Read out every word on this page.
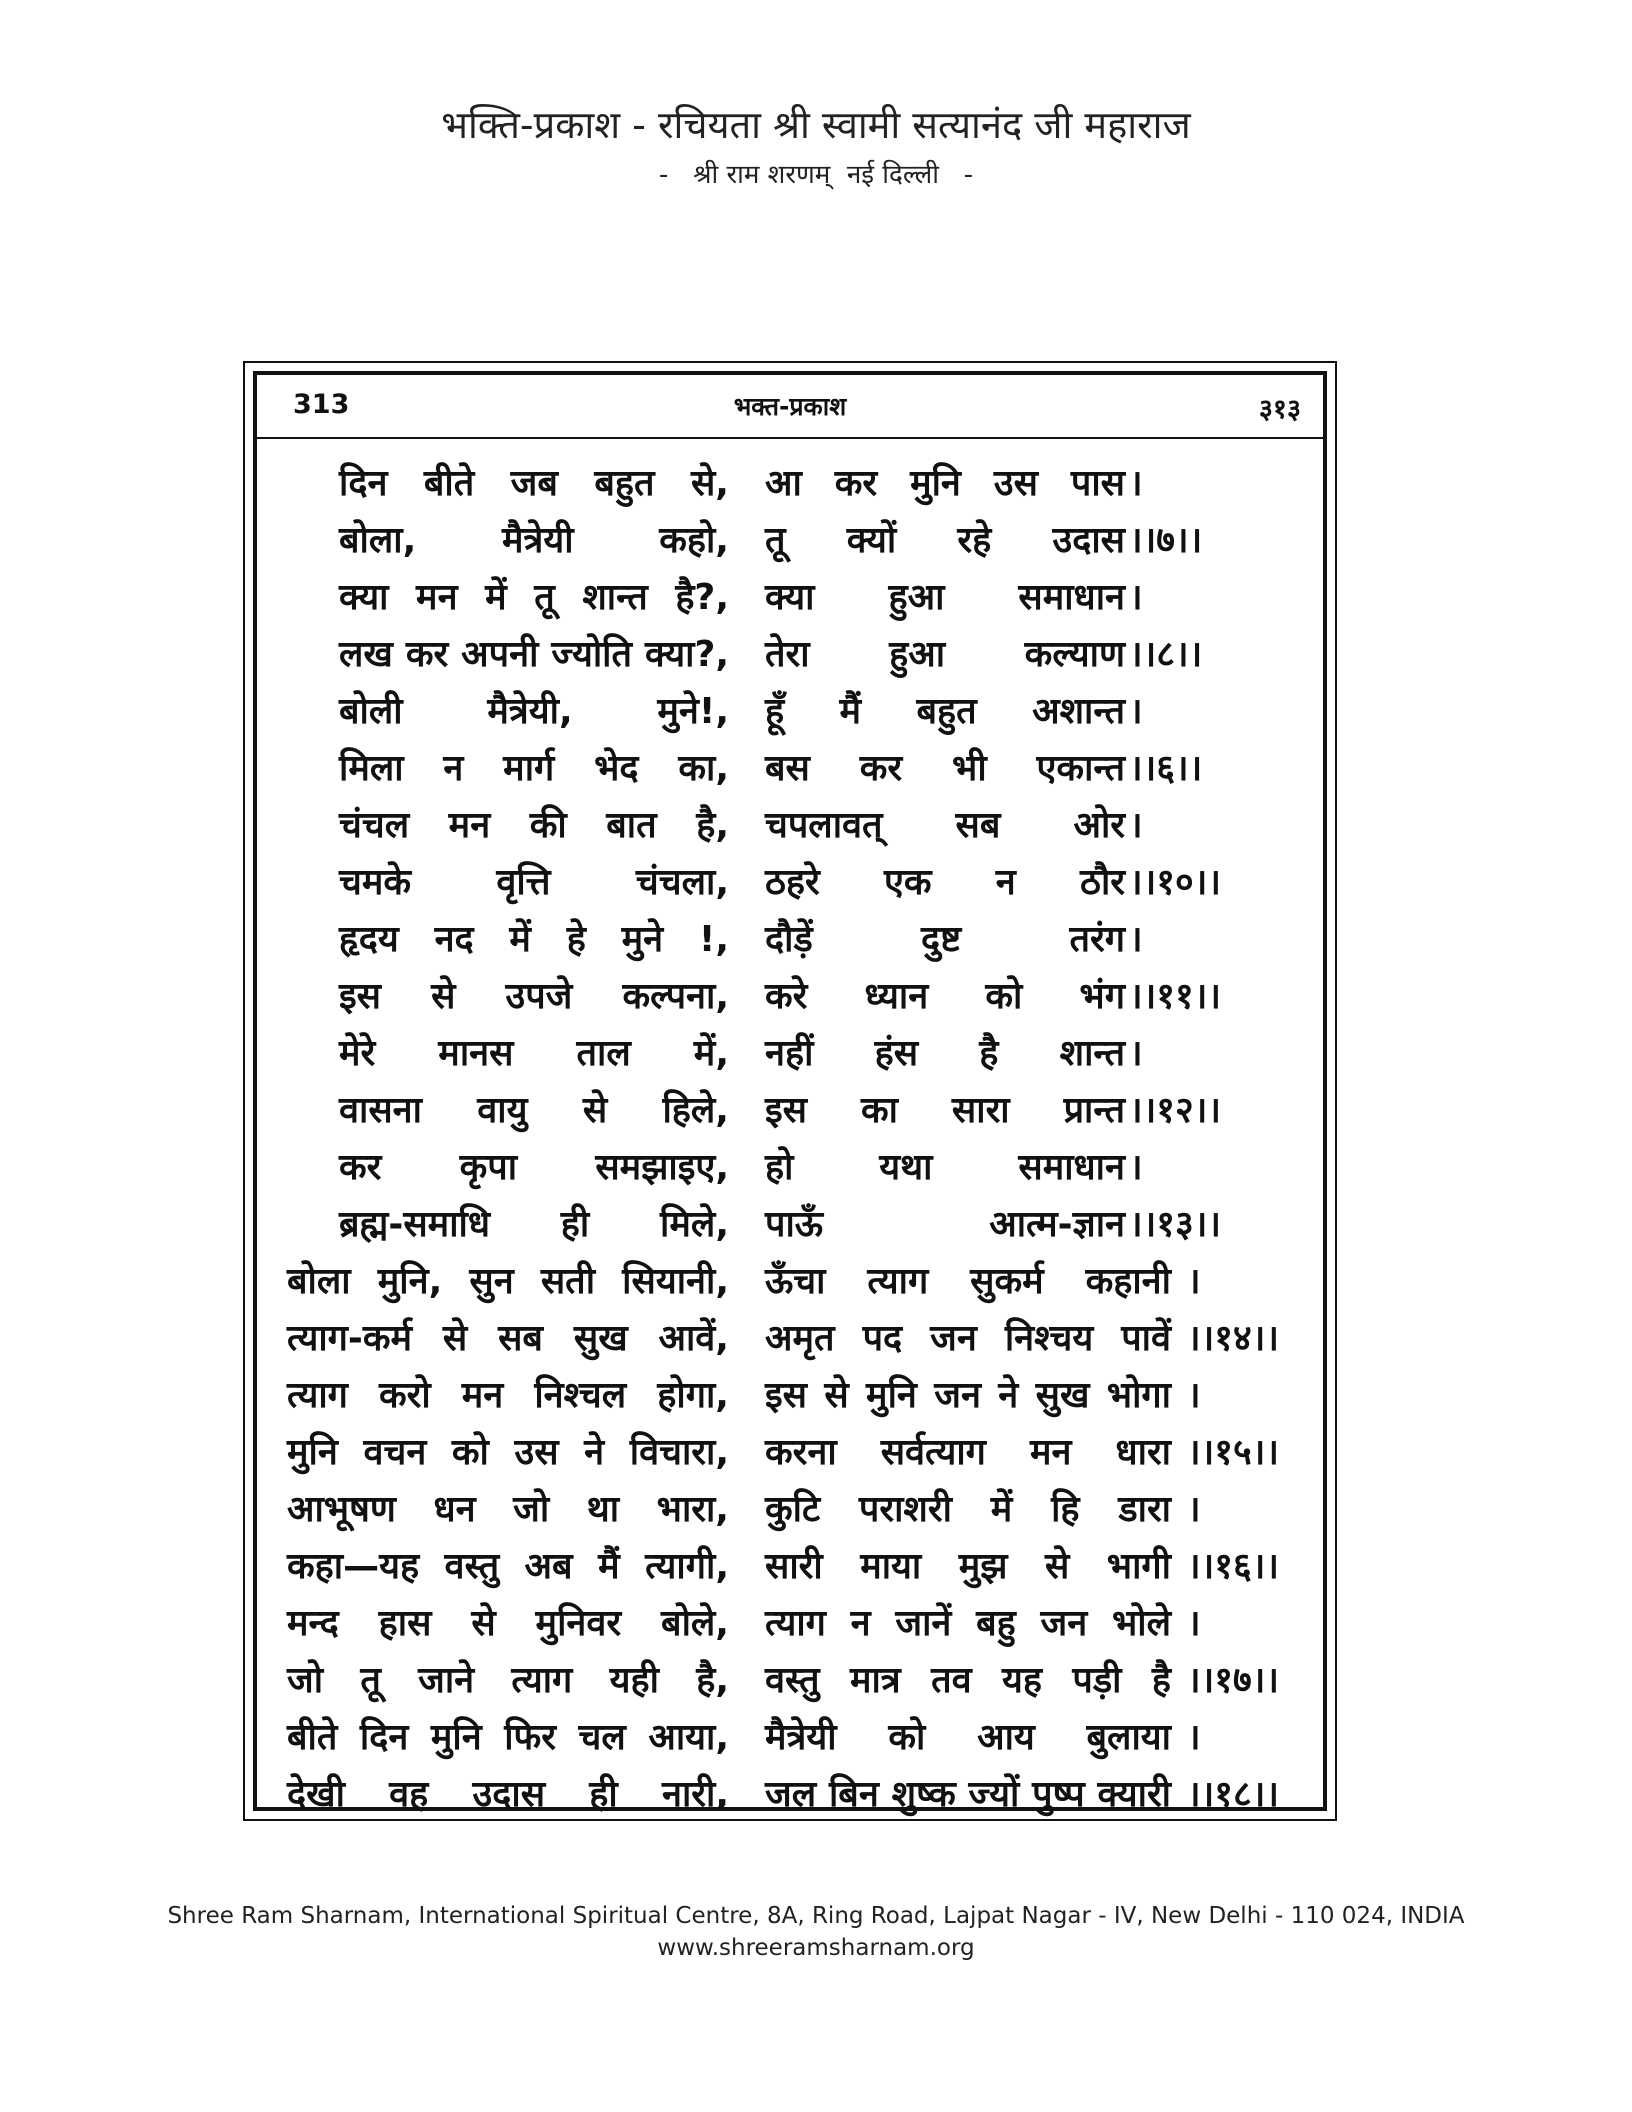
भक्ति-प्रकाश - रचियता श्री स्वामी सत्यानंद जी महाराज
-   श्री राम शरणम्  नई दिल्ली   -
313	भक्त-प्रकाश	३१३
दिन बीते जब बहुत से, आ कर मुनि उस पास ।
बोला, मैत्रेयी कहो, तू क्यों रहे उदास ।।७।।
क्या मन में तू शान्त है?, क्या हुआ समाधान ।
लख कर अपनी ज्योति क्या?, तेरा हुआ कल्याण ।।८।।
बोली मैत्रेयी, मुने!, हूँ मैं बहुत अशान्त ।
मिला न मार्ग भेद का, बस कर भी एकान्त ।।६।।
चंचल मन की बात है, चपलावत् सब ओर ।
चमके वृत्ति चंचला, ठहरे एक न ठौर ।।१०।।
हृदय नद में हे मुने !, दौड़ें दुष्ट तरंग ।
इस से उपजे कल्पना, करे ध्यान को भंग ।।११।।
मेरे मानस ताल में, नहीं हंस है शान्त ।
वासना वायु से हिले, इस का सारा प्रान्त ।।१२।।
कर कृपा समझाइए, हो यथा समाधान ।
ब्रह्म-समाधि ही मिले, पाऊँ आत्म-ज्ञान ।।१३।।
बोला मुनि, सुन सती सियानी, ऊँचा त्याग सुकर्म कहानी ।
त्याग-कर्म से सब सुख आवें, अमृत पद जन निश्चय पावें ।।१४।।
त्याग करो मन निश्चल होगा, इस से मुनि जन ने सुख भोगा ।
मुनि वचन को उस ने विचारा, करना सर्वत्याग मन धारा ।।१५।।
आभूषण धन जो था भारा, कुटि पराशरी में हि डारा ।
कहा—यह वस्तु अब मैं त्यागी, सारी माया मुझ से भागी ।।१६।।
मन्द हास से मुनिवर बोले, त्याग न जानें बहु जन भोले ।
जो तू जाने त्याग यही है, वस्तु मात्र तव यह पड़ी है ।।१७।।
बीते दिन मुनि फिर चल आया, मैत्रेयी को आय बुलाया ।
देखी वह उदास ही नारी, जल बिन शुष्क ज्यों पुष्प क्यारी ।।१८।।
Shree Ram Sharnam, International Spiritual Centre, 8A, Ring Road, Lajpat Nagar - IV, New Delhi - 110 024, INDIA
www.shreeramsharnam.org
